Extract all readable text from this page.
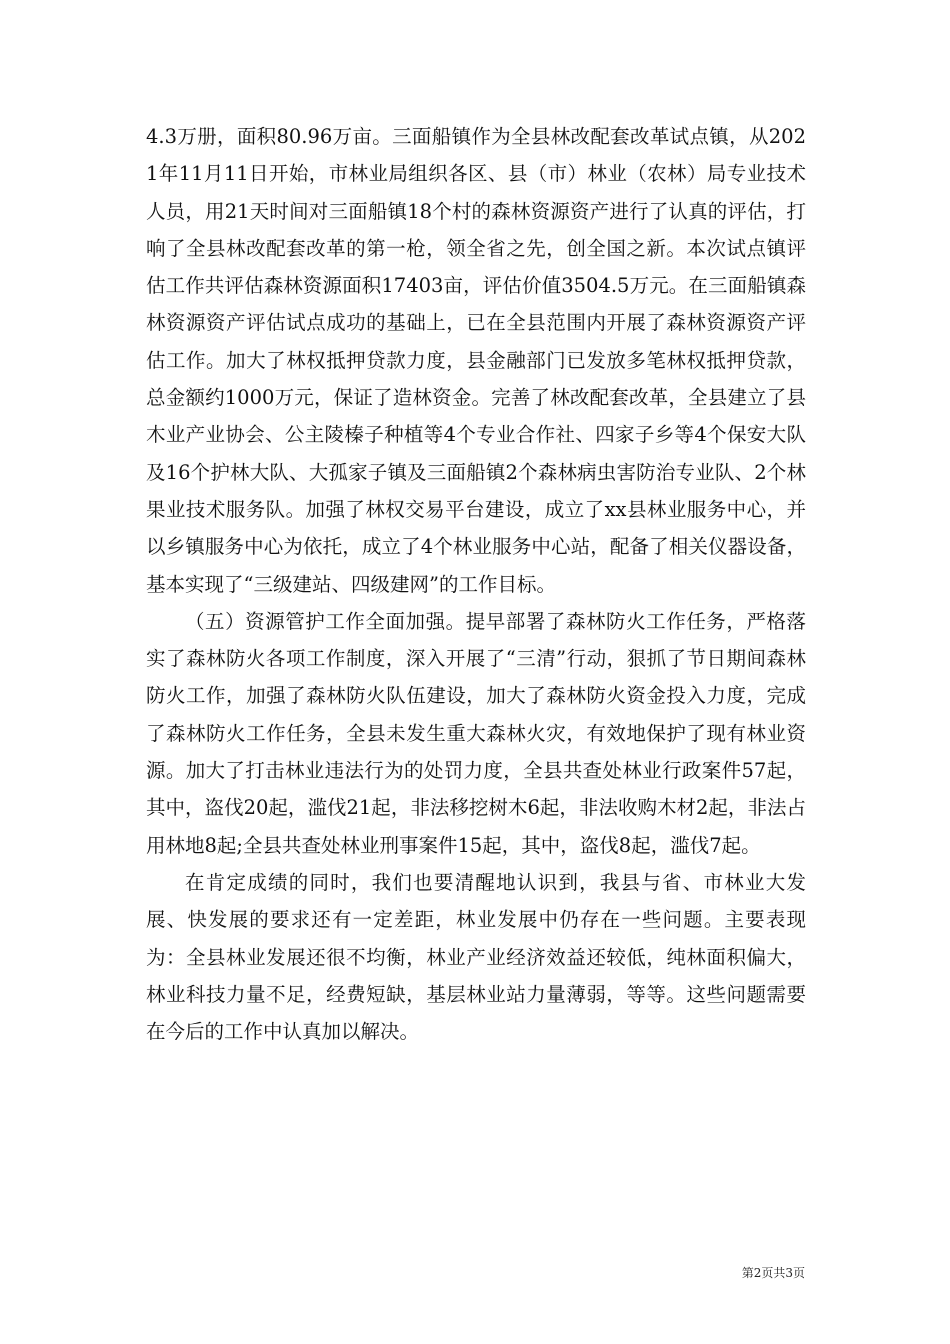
4.3万册，面积80.96万亩。三面船镇作为全县林改配套改革试点镇，从2021年11月11日开始，市林业局组织各区、县（市）林业（农林）局专业技术人员，用21天时间对三面船镇18个村的森林资源资产进行了认真的评估，打响了全县林改配套改革的第一枪，领全省之先，创全国之新。本次试点镇评估工作共评估森林资源面积17403亩，评估价值3504.5万元。在三面船镇森林资源资产评估试点成功的基础上，已在全县范围内开展了森林资源资产评估工作。加大了林权抵押贷款力度，县金融部门已发放多笔林权抵押贷款，总金额约1000万元，保证了造林资金。完善了林改配套改革，全县建立了县木业产业协会、公主陵榛子种植等4个专业合作社、四家子乡等4个保安大队及16个护林大队、大孤家子镇及三面船镇2个森林病虫害防治专业队、2个林果业技术服务队。加强了林权交易平台建设，成立了xx县林业服务中心，并以乡镇服务中心为依托，成立了4个林业服务中心站，配备了相关仪器设备，基本实现了“三级建站、四级建网”的工作目标。

（五）资源管护工作全面加强。提早部署了森林防火工作任务，严格落实了森林防火各项工作制度，深入开展了“三清”行动，狠抓了节日期间森林防火工作，加强了森林防火队伍建设，加大了森林防火资金投入力度，完成了森林防火工作任务，全县未发生重大森林火灾，有效地保护了现有林业资源。加大了打击林业违法行为的处罚力度，全县共查处林业行政案件57起，其中，盗伐20起，滥伐21起，非法移挖树木6起，非法收购木材2起，非法占用林地8起;全县共查处林业刑事案件15起，其中，盗伐8起，滥伐7起。

在肯定成绩的同时，我们也要清醒地认识到，我县与省、市林业大发展、快发展的要求还有一定差距，林业发展中仍存在一些问题。主要表现为：全县林业发展还很不均衡，林业产业经济效益还较低，纯林面积偏大，林业科技力量不足，经费短缺，基层林业站力量薄弱，等等。这些问题需要在今后的工作中认真加以解决。

第2页共3页
